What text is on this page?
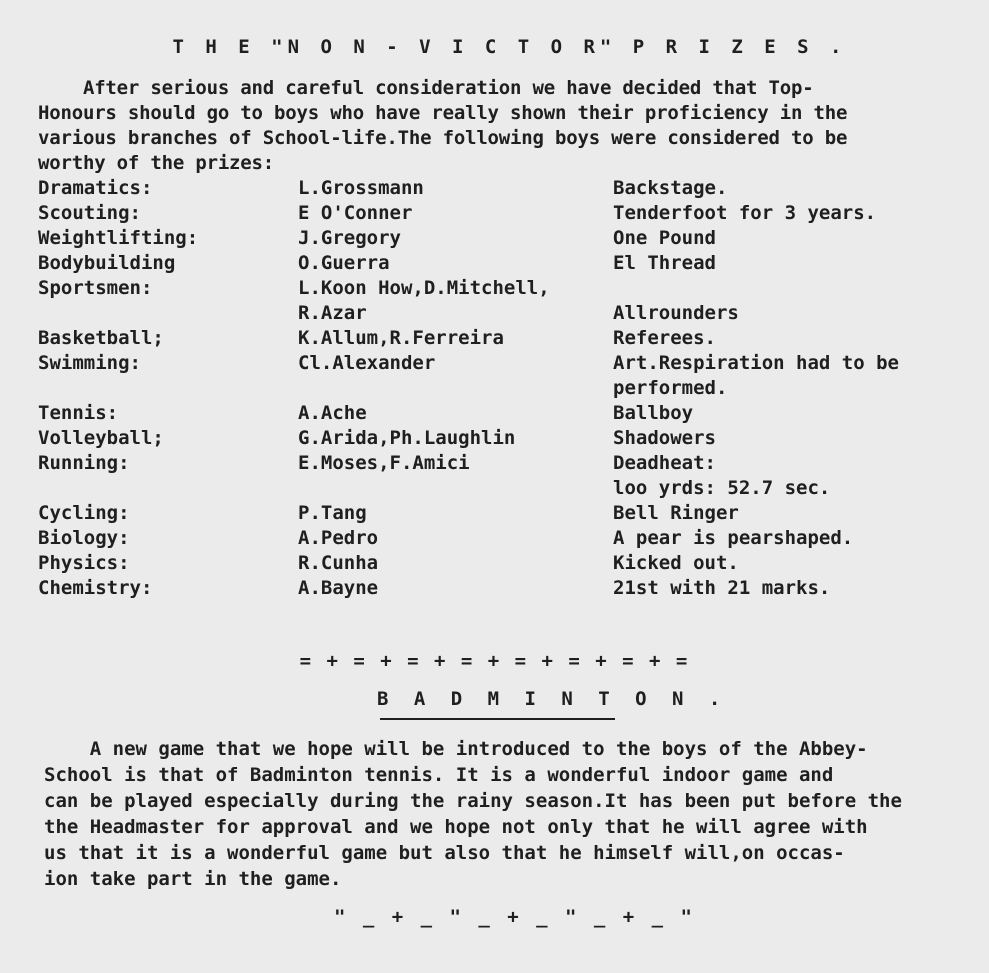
T H E "N O N - V I C T O R" P R I Z E S .
After serious and careful consideration we have decided that Top-
Honours should go to boys who have really shown their proficiency in the
various branches of School-life.The following boys were considered to be
worthy of the prizes:
Dramatics:	L.Grossmann	Backstage.
Scouting:	E O'Conner	Tenderfoot for 3 years.
Weightlifting:	J.Gregory	One Pound
Bodybuilding	O.Guerra	El Thread
Sportsmen:	L.Koon How,D.Mitchell,
R.Azar	Allrounders
Basketball;	K.Allum,R.Ferreira	Referees.
Swimming:	Cl.Alexander	Art.Respiration had to be
performed.
Tennis:	A.Ache	Ballboy
Volleyball;	G.Arida,Ph.Laughlin	Shadowers
Running:	E.Moses,F.Amici	Deadheat:
loo yrds: 52.7 sec.
Cycling:	P.Tang	Bell Ringer
Biology:	A.Pedro	A pear is pearshaped.
Physics:	R.Cunha	Kicked out.
Chemistry:	A.Bayne	21st with 21 marks.
= + = + = + = + = + = + = + =
B A D M I N T O N .
A new game that we hope will be introduced to the boys of the Abbey-
School is that of Badminton tennis. It is a wonderful indoor game and
can be played especially during the rainy season.It has been put before the
the Headmaster for approval and we hope not only that he will agree with
us that it is a wonderful game but also that he himself will,on occas-
ion take part in the game.
" _ + _ " _ + _ " _ + _ "
